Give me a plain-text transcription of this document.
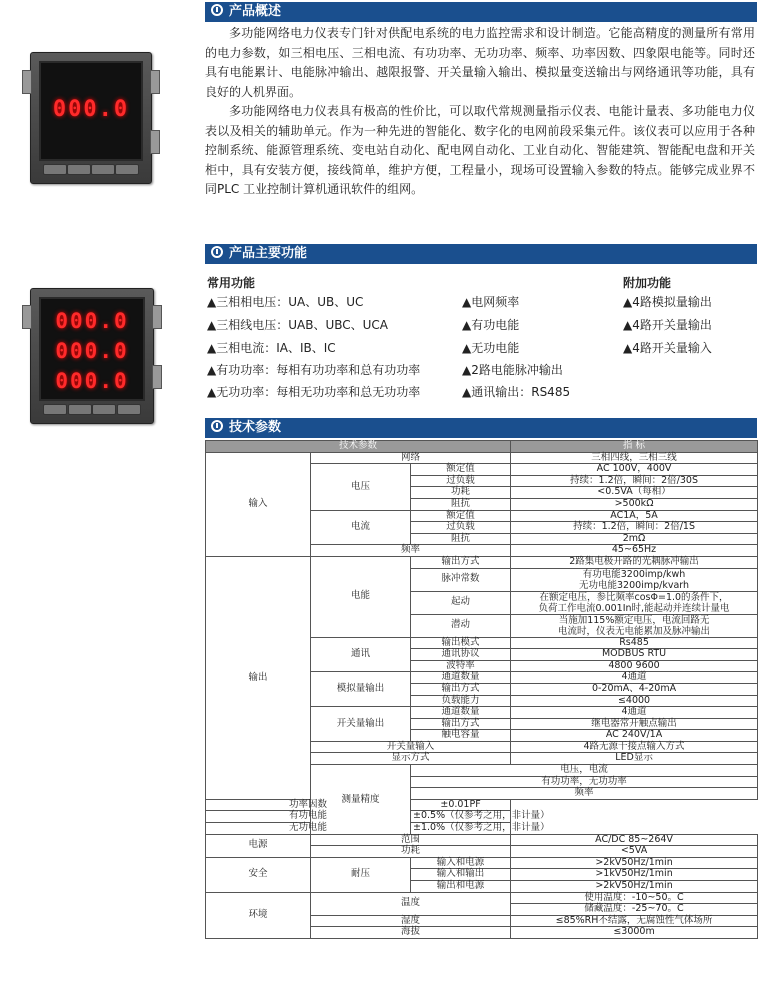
产品概述

多功能网络电力仪表专门针对供配电系统的电力监控需求和设计制造。它能高精度的测量所有常用的电力参数，如三相电压、三相电流、有功功率、无功功率、频率、功率因数、四象限电能等。同时还具有电能累计、电能脉冲输出、越限报警、开关量输入输出、模拟量变送输出与网络通讯等功能，具有良好的人机界面。

多功能网络电力仪表具有极高的性价比，可以取代常规测量指示仪表、电能计量表、多功能电力仪表以及相关的辅助单元。作为一种先进的智能化、数字化的电网前段采集元件。该仪表可以应用于各种控制系统、能源管理系统、变电站自动化、配电网自动化、工业自动化、智能建筑、智能配电盘和开关柜中，具有安装方便，接线简单，维护方便，工程量小，现场可设置输入参数的特点。能够完成业界不同PLC 工业控制计算机通讯软件的组网。

000.0
产品主要功能
000.0
000.0
000.0
常用功能	附加功能
▲三相相电压：UA、UB、UC
▲三相线电压：UAB、UBC、UCA
▲三相电流：IA、IB、IC
▲有功功率：每相有功功率和总有功功率
▲无功功率：每相无功功率和总无功功率
▲电网频率
▲有功电能
▲无功电能
▲2路电能脉冲输出
▲通讯输出：RS485
▲4路模拟量输出
▲4路开关量输出
▲4路开关量输入
技术参数
技术参数			指 标	
输入	网络		三相四线，三相三线	
	电压	额定值	AC 100V，400V	
		过负载	持续：1.2倍，瞬间：2倍/30S	
		功耗	<0.5VA（每相）	
		阻抗	>500kΩ	
	电流	额定值	AC1A，5A	
		过负载	持续：1.2倍，瞬间：2倍/1S	
		阻抗	2mΩ	
	频率		45~65Hz	
输出	电能	输出方式	2路集电极开路的光耦脉冲输出	
		脉冲常数	有功电能3200imp/kwh
无功电能3200imp/kvarh	

		起动	在额定电压，参比频率cosΦ=1.0的条件下，
负荷工作电流0.001In时,能起动并连续计量电	

		潜动	当施加115%额定电压，电流回路无
电流时，仪表无电能累加及脉冲输出	

	通讯	输出模式	Rs485	
		通讯协议	MODBUS RTU	
		波特率	4800 9600	
	模拟量输出	通道数量	4通道	
		输出方式	0-20mA、4-20mA	
		负载能力	≤4000	
	开关量输出	通道数量	4通道	
		输出方式	继电器常开触点输出	
		触电容量	AC 240V/1A	
	开关量输入		4路无源干接点输入方式	
	显示方式		LED显示	
	测量精度	电压，电流	
		有功功率，无功功率	
		频率	
功率因数		±0.01PF		
有功电能		±0.5%（仅参考之用，非计量）		
无功电能		±1.0%（仅参考之用，非计量）		
电源	范围		AC/DC 85~264V	
	功耗		<5VA	
安全	耐压	输入和电源	>2kV50Hz/1min	
		输入和输出	>1kV50Hz/1min	
		输出和电源	>2kV50Hz/1min	
环境	温度		使用温度：-10~50。C	
			储藏温度：-25~70。C	
	湿度		≤85%RH不结露，无腐蚀性气体场所	
	海拔		≤3000m	
